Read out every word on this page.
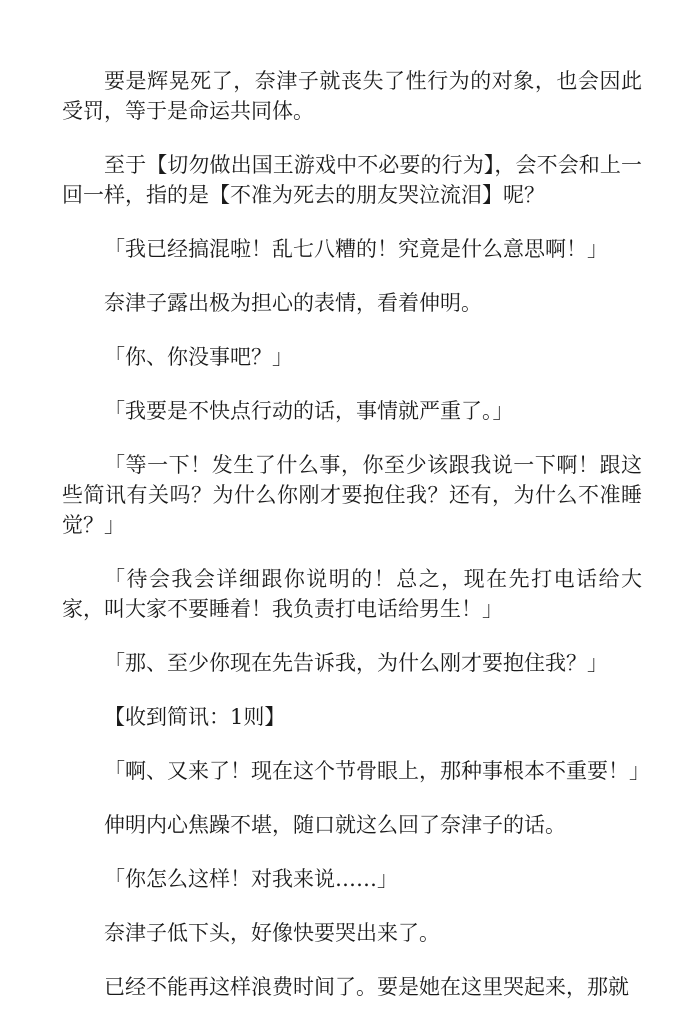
要是辉晃死了，奈津子就丧失了性行为的对象，也会因此受罚，等于是命运共同体。

至于【切勿做出国王游戏中不必要的行为】，会不会和上一回一样，指的是【不准为死去的朋友哭泣流泪】呢？

「我已经搞混啦！乱七八糟的！究竟是什么意思啊！」

奈津子露出极为担心的表情，看着伸明。

「你、你没事吧？」

「我要是不快点行动的话，事情就严重了。」

「等一下！发生了什么事，你至少该跟我说一下啊！跟这些简讯有关吗？为什么你刚才要抱住我？还有，为什么不准睡觉？」

「待会我会详细跟你说明的！总之，现在先打电话给大家，叫大家不要睡着！我负责打电话给男生！」

「那、至少你现在先告诉我，为什么刚才要抱住我？」

【收到简讯：1则】

「啊、又来了！现在这个节骨眼上，那种事根本不重要！」

伸明内心焦躁不堪，随口就这么回了奈津子的话。

「你怎么这样！对我来说……」

奈津子低下头，好像快要哭出来了。

已经不能再这样浪费时间了。要是她在这里哭起来，那就
